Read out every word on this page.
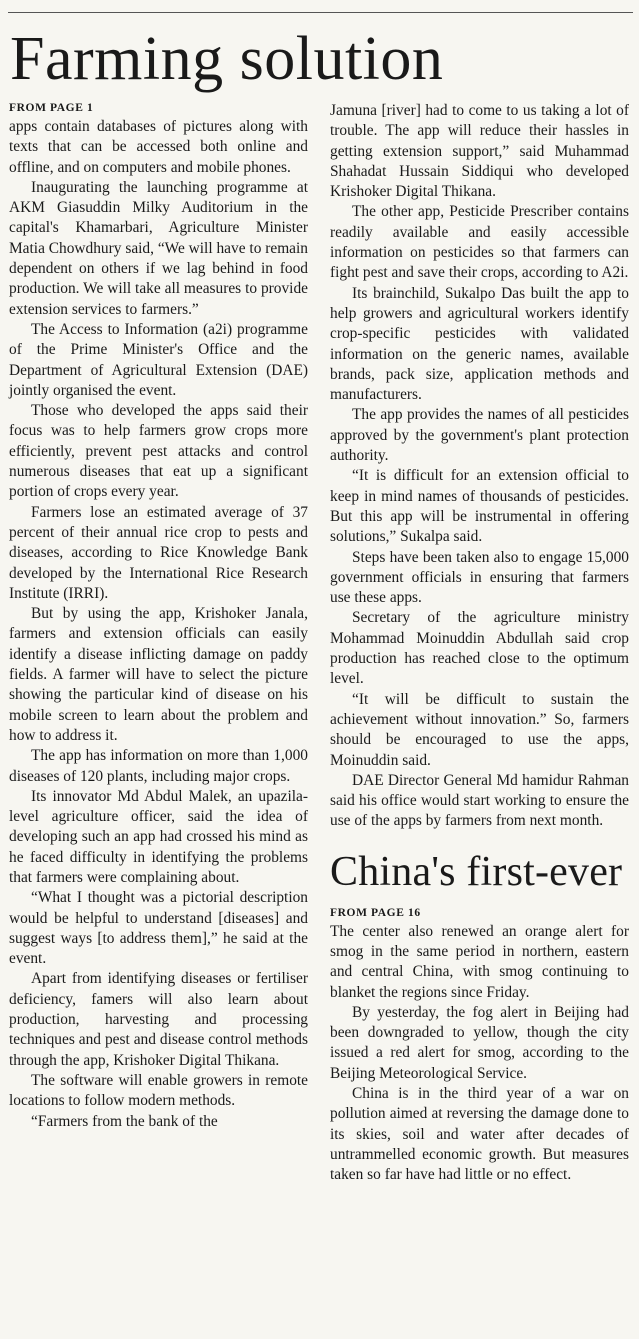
Farming solution
FROM PAGE 1

apps contain databases of pictures along with texts that can be accessed both online and offline, and on computers and mobile phones.

Inaugurating the launching programme at AKM Giasuddin Milky Auditorium in the capital's Khamarbari, Agriculture Minister Matia Chowdhury said, “We will have to remain dependent on others if we lag behind in food production. We will take all measures to provide extension services to farmers.”

The Access to Information (a2i) programme of the Prime Minister's Office and the Department of Agricultural Extension (DAE) jointly organised the event.

Those who developed the apps said their focus was to help farmers grow crops more efficiently, prevent pest attacks and control numerous diseases that eat up a significant portion of crops every year.

Farmers lose an estimated average of 37 percent of their annual rice crop to pests and diseases, according to Rice Knowledge Bank developed by the International Rice Research Institute (IRRI).

But by using the app, Krishoker Janala, farmers and extension officials can easily identify a disease inflicting damage on paddy fields. A farmer will have to select the picture showing the particular kind of disease on his mobile screen to learn about the problem and how to address it.

The app has information on more than 1,000 diseases of 120 plants, including major crops.

Its innovator Md Abdul Malek, an upazila-level agriculture officer, said the idea of developing such an app had crossed his mind as he faced difficulty in identifying the problems that farmers were complaining about.

“What I thought was a pictorial description would be helpful to understand [diseases] and suggest ways [to address them],” he said at the event.

Apart from identifying diseases or fertiliser deficiency, famers will also learn about production, harvesting and processing techniques and pest and disease control methods through the app, Krishoker Digital Thikana.

The software will enable growers in remote locations to follow modern methods.

“Farmers from the bank of the

Jamuna [river] had to come to us taking a lot of trouble. The app will reduce their hassles in getting extension support,” said Muhammad Shahadat Hussain Siddiqui who developed Krishoker Digital Thikana.

The other app, Pesticide Prescriber contains readily available and easily accessible information on pesticides so that farmers can fight pest and save their crops, according to A2i.

Its brainchild, Sukalpo Das built the app to help growers and agricultural workers identify crop-specific pesticides with validated information on the generic names, available brands, pack size, application methods and manufacturers.

The app provides the names of all pesticides approved by the government's plant protection authority.

“It is difficult for an extension official to keep in mind names of thousands of pesticides. But this app will be instrumental in offering solutions,” Sukalpa said.

Steps have been taken also to engage 15,000 government officials in ensuring that farmers use these apps.

Secretary of the agriculture ministry Mohammad Moinuddin Abdullah said crop production has reached close to the optimum level.

“It will be difficult to sustain the achievement without innovation.” So, farmers should be encouraged to use the apps, Moinuddin said.

DAE Director General Md hamidur Rahman said his office would start working to ensure the use of the apps by farmers from next month.

China's first-ever
FROM PAGE 16

The center also renewed an orange alert for smog in the same period in northern, eastern and central China, with smog continuing to blanket the regions since Friday.

By yesterday, the fog alert in Beijing had been downgraded to yellow, though the city issued a red alert for smog, according to the Beijing Meteorological Service.

China is in the third year of a war on pollution aimed at reversing the damage done to its skies, soil and water after decades of untrammelled economic growth. But measures taken so far have had little or no effect.
